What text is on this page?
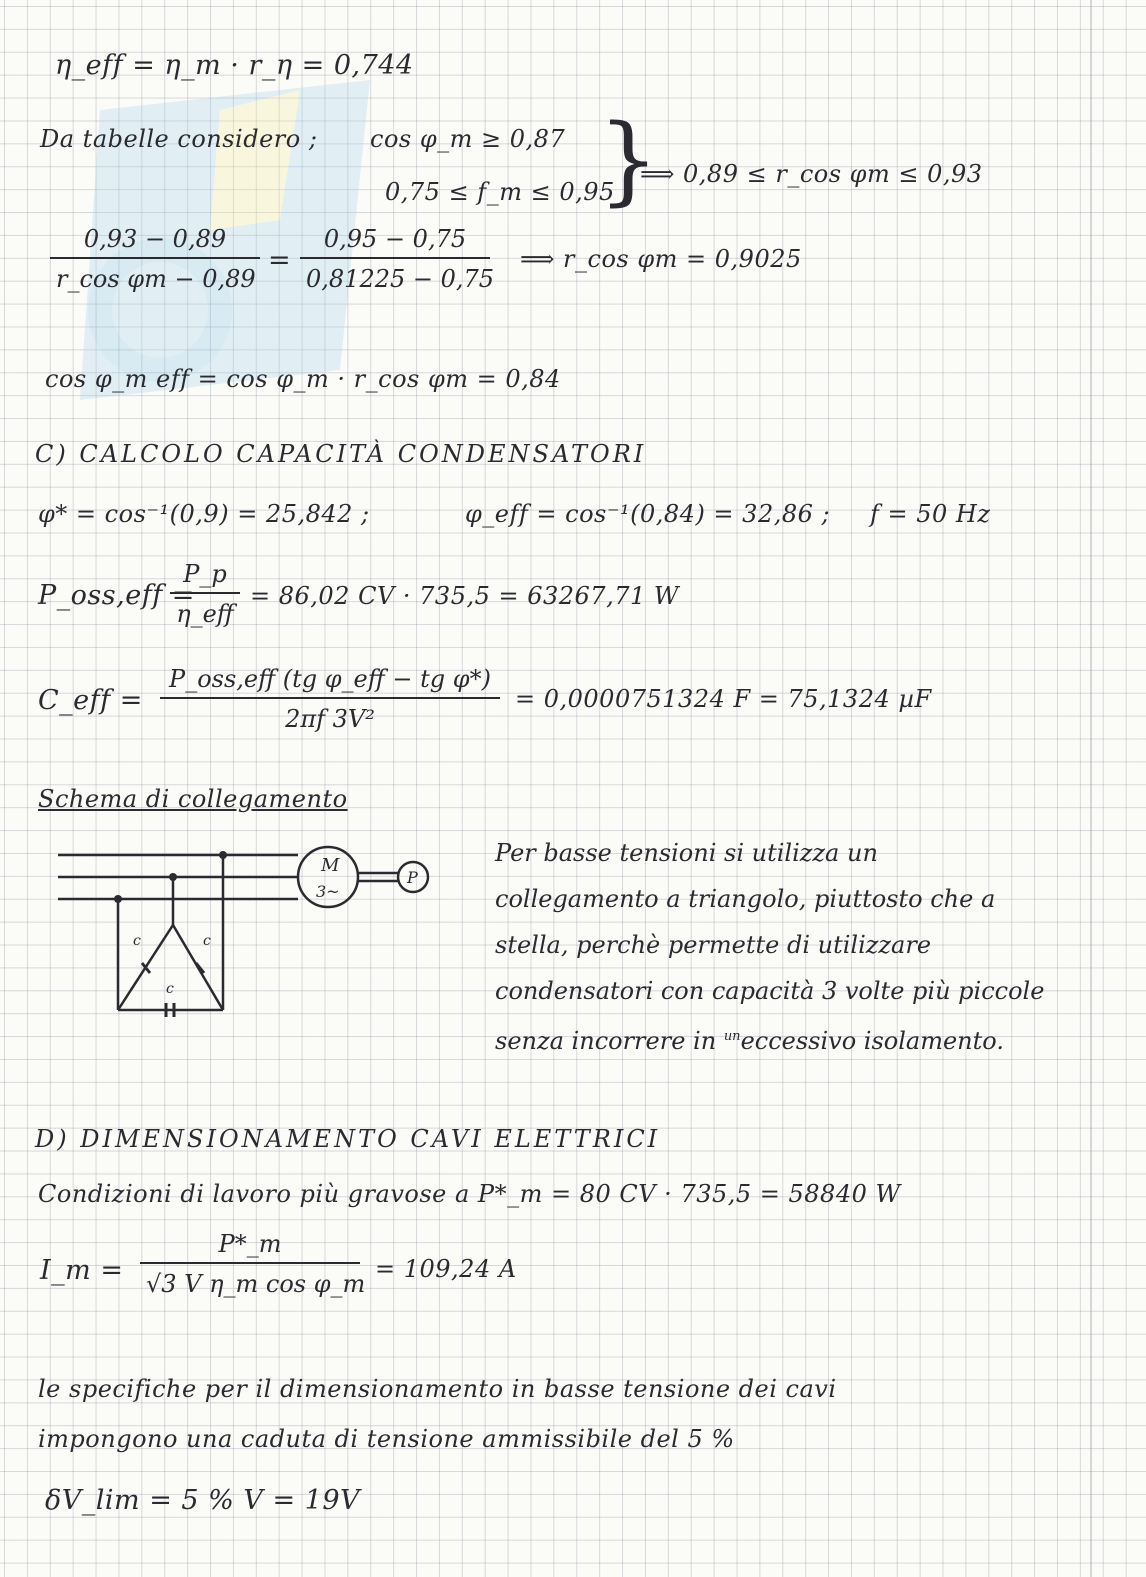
η_eff = η_m · r_η = 0,744
Da tabelle considero ; cos φ_m ≥ 0,87
0,75 ≤ f_m ≤ 0,95
}
⟹ 0,89 ≤ r_cos φm ≤ 0,93
$\frac{0,93 - 0,89}{\text{r\_cos φm − 0,89}} = \frac{0,95 - 0,75}{0,81225 - 0,75}$ ⟹ r_cos φm = 0,9025
cos φ_m eff = cos φ_m · r_cos φm = 0,84
C) CALCOLO CAPACITÀ CONDENSATORI
φ* = cos⁻¹(0,9) = 25,842 ;	φ_eff = cos⁻¹(0,84) = 32,86 ; f = 50 Hz
P_oss,eff =
P_p
η_eff
= 86,02 CV · 735,5 = 63267,71 W
C_eff =
P_oss,eff (tg φ_eff − tg φ*)
2πf 3V²
= 0,0000751324 F = 75,1324 µF
Schema di collegamento
M
3~
P
c	c
c
Per basse tensioni si utilizza un
collegamento a triangolo, piuttosto che a
stella, perchè permette di utilizzare
condensatori con capacità 3 volte più piccole
senza incorrere in $^{un}$eccessivo isolamento.
D) DIMENSIONAMENTO CAVI ELETTRICI
Condizioni di lavoro più gravose a P*_m = 80 CV · 735,5 = 58840 W
I_m = $\frac{P*\_m}{\text{√3 V η\_m cos φ\_m}} = 109,24$ A
le specifiche per il dimensionamento in basse tensione dei cavi
impongono una caduta di tensione ammissibile del 5 %
δV_lim = 5 % V = 19V
